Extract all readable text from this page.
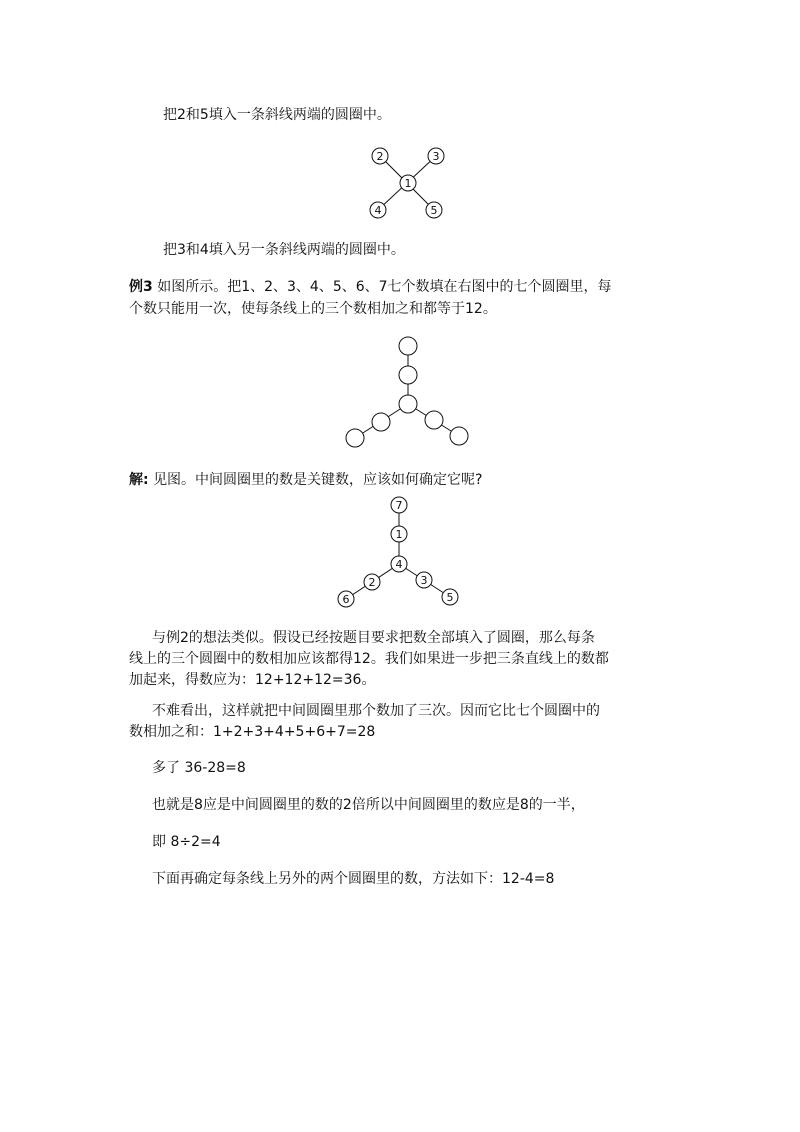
把2和5填入一条斜线两端的圆圈中。
2	3
1
4	5
把3和4填入另一条斜线两端的圆圈中。
例3 如图所示。把1、2、3、4、5、6、7七个数填在右图中的七个圆圈里，每
个数只能用一次，使每条线上的三个数相加之和都等于12。
解: 见图。中间圆圈里的数是关键数，应该如何确定它呢?
7
1
4
2
6
3
5
与例2的想法类似。假设已经按题目要求把数全部填入了圆圈，那么每条
线上的三个圆圈中的数相加应该都得12。我们如果进一步把三条直线上的数都
加起来，得数应为：12+12+12=36。
不难看出，这样就把中间圆圈里那个数加了三次。因而它比七个圆圈中的
数相加之和：1+2+3+4+5+6+7=28
多了 36-28=8
也就是8应是中间圆圈里的数的2倍所以中间圆圈里的数应是8的一半，
即 8÷2=4
下面再确定每条线上另外的两个圆圈里的数，方法如下：12-4=8
